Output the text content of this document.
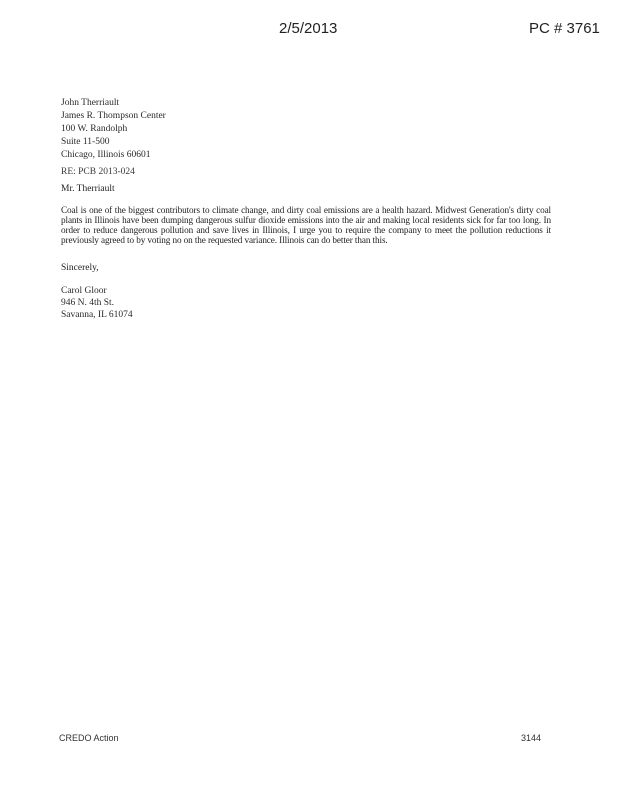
2/5/2013	PC # 3761
John Therriault
James R. Thompson Center
100 W. Randolph
Suite 11-500
Chicago, Illinois 60601
RE: PCB 2013-024
Mr. Therriault
Coal is one of the biggest contributors to climate change, and dirty coal emissions are a health hazard. Midwest Generation's dirty coal plants in Illinois have been dumping dangerous sulfur dioxide emissions into the air and making local residents sick for far too long. In order to reduce dangerous pollution and save lives in Illinois, I urge you to require the company to meet the pollution reductions it previously agreed to by voting no on the requested variance. Illinois can do better than this.
Sincerely,
Carol Gloor
946 N. 4th St.
Savanna, IL 61074
CREDO Action	3144
